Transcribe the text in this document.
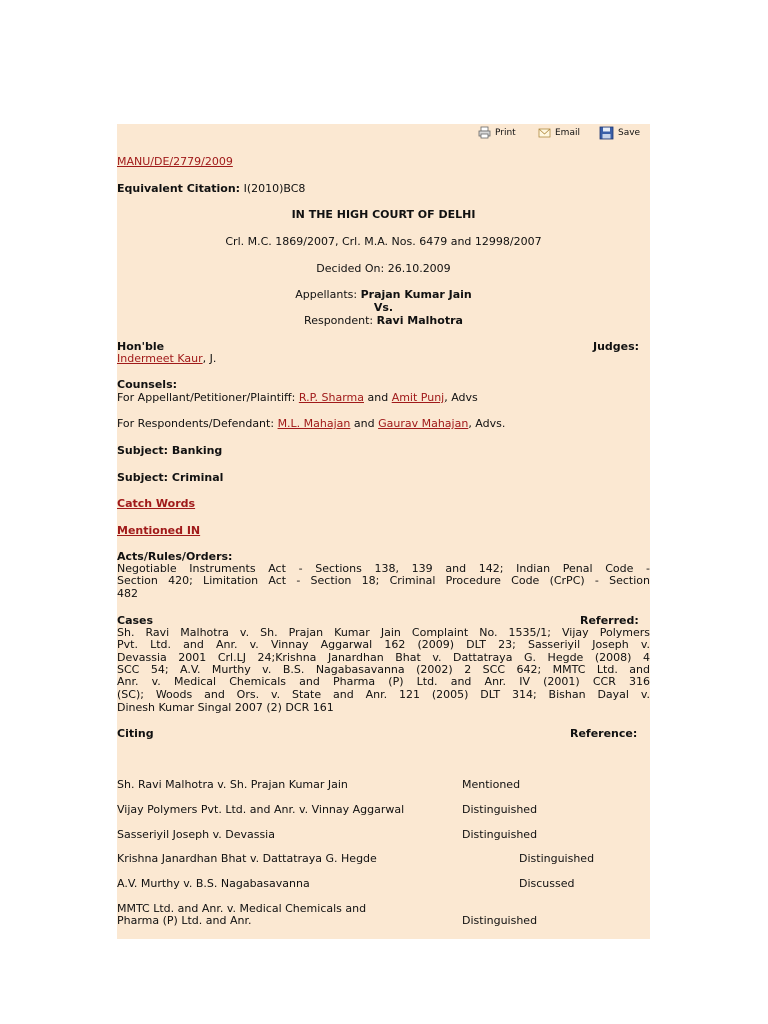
Print	Email	Save
MANU/DE/2779/2009
Equivalent Citation: I(2010)BC8
IN THE HIGH COURT OF DELHI
Crl. M.C. 1869/2007, Crl. M.A. Nos. 6479 and 12998/2007
Decided On: 26.10.2009
Appellants: Prajan Kumar Jain
Vs.
Respondent: Ravi Malhotra
Hon'ble	Judges:
Indermeet Kaur, J.
Counsels:
For Appellant/Petitioner/Plaintiff: R.P. Sharma and Amit Punj, Advs
For Respondents/Defendant: M.L. Mahajan and Gaurav Mahajan, Advs.
Subject: Banking
Subject: Criminal
Catch Words
Mentioned IN
Acts/Rules/Orders:
Negotiable Instruments Act - Sections 138, 139 and 142; Indian Penal Code -
Section 420; Limitation Act - Section 18; Criminal Procedure Code (CrPC) - Section
482
Cases	Referred:
Sh. Ravi Malhotra v. Sh. Prajan Kumar Jain Complaint No. 1535/1; Vijay Polymers
Pvt. Ltd. and Anr. v. Vinnay Aggarwal 162 (2009) DLT 23; Sasseriyil Joseph v.
Devassia 2001 Crl.LJ 24;Krishna Janardhan Bhat v. Dattatraya G. Hegde (2008) 4
SCC 54; A.V. Murthy v. B.S. Nagabasavanna (2002) 2 SCC 642; MMTC Ltd. and
Anr. v. Medical Chemicals and Pharma (P) Ltd. and Anr. IV (2001) CCR 316
(SC); Woods and Ors. v. State and Anr. 121 (2005) DLT 314; Bishan Dayal v.
Dinesh Kumar Singal 2007 (2) DCR 161
Citing	Reference:
Sh. Ravi Malhotra v. Sh. Prajan Kumar Jain	Mentioned
Vijay Polymers Pvt. Ltd. and Anr. v. Vinnay Aggarwal	Distinguished
Sasseriyil Joseph v. Devassia	Distinguished
Krishna Janardhan Bhat v. Dattatraya G. Hegde	Distinguished
A.V. Murthy v. B.S. Nagabasavanna	Discussed
MMTC Ltd. and Anr. v. Medical Chemicals and
Pharma (P) Ltd. and Anr.	Distinguished
